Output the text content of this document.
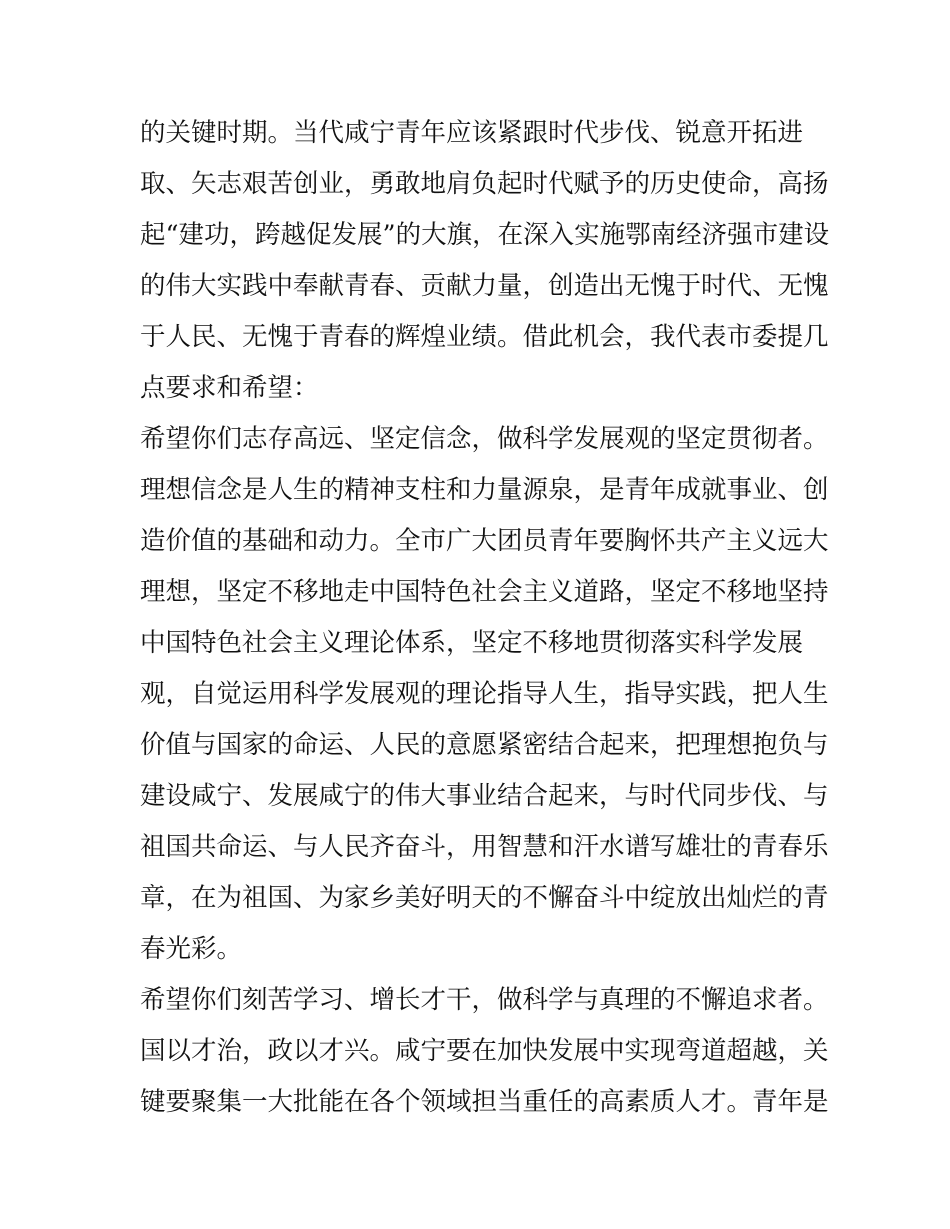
的关键时期。当代咸宁青年应该紧跟时代步伐、锐意开拓进
取、矢志艰苦创业，勇敢地肩负起时代赋予的历史使命，高扬
起“建功，跨越促发展”的大旗，在深入实施鄂南经济强市建设
的伟大实践中奉献青春、贡献力量，创造出无愧于时代、无愧
于人民、无愧于青春的辉煌业绩。借此机会，我代表市委提几
点要求和希望：
希望你们志存高远、坚定信念，做科学发展观的坚定贯彻者。
理想信念是人生的精神支柱和力量源泉，是青年成就事业、创
造价值的基础和动力。全市广大团员青年要胸怀共产主义远大
理想，坚定不移地走中国特色社会主义道路，坚定不移地坚持
中国特色社会主义理论体系，坚定不移地贯彻落实科学发展
观，自觉运用科学发展观的理论指导人生，指导实践，把人生
价值与国家的命运、人民的意愿紧密结合起来，把理想抱负与
建设咸宁、发展咸宁的伟大事业结合起来，与时代同步伐、与
祖国共命运、与人民齐奋斗，用智慧和汗水谱写雄壮的青春乐
章，在为祖国、为家乡美好明天的不懈奋斗中绽放出灿烂的青
春光彩。
希望你们刻苦学习、增长才干，做科学与真理的不懈追求者。
国以才治，政以才兴。咸宁要在加快发展中实现弯道超越，关
键要聚集一大批能在各个领域担当重任的高素质人才。青年是
